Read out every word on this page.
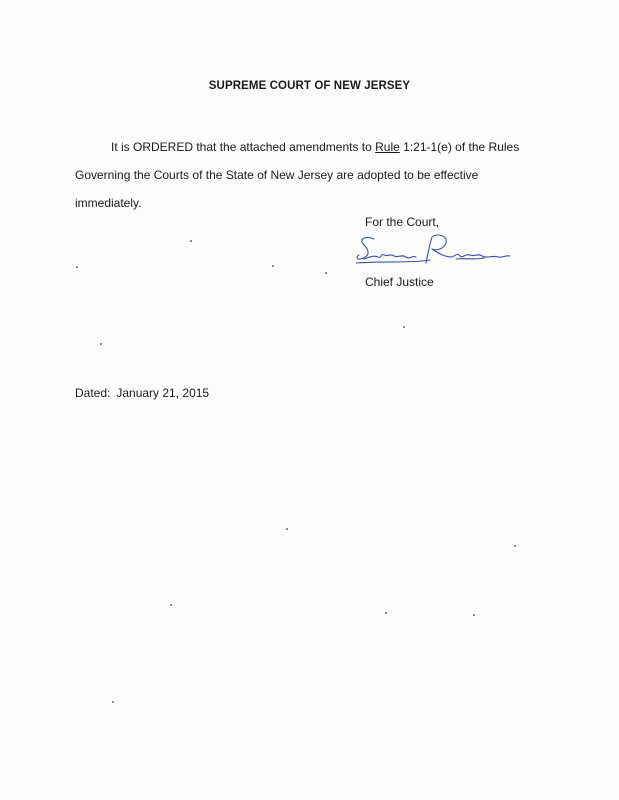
SUPREME COURT OF NEW JERSEY
It is ORDERED that the attached amendments to Rule 1:21-1(e) of the Rules
Governing the Courts of the State of New Jersey are adopted to be effective
immediately.
For the Court,
Chief Justice
Dated: January 21, 2015
